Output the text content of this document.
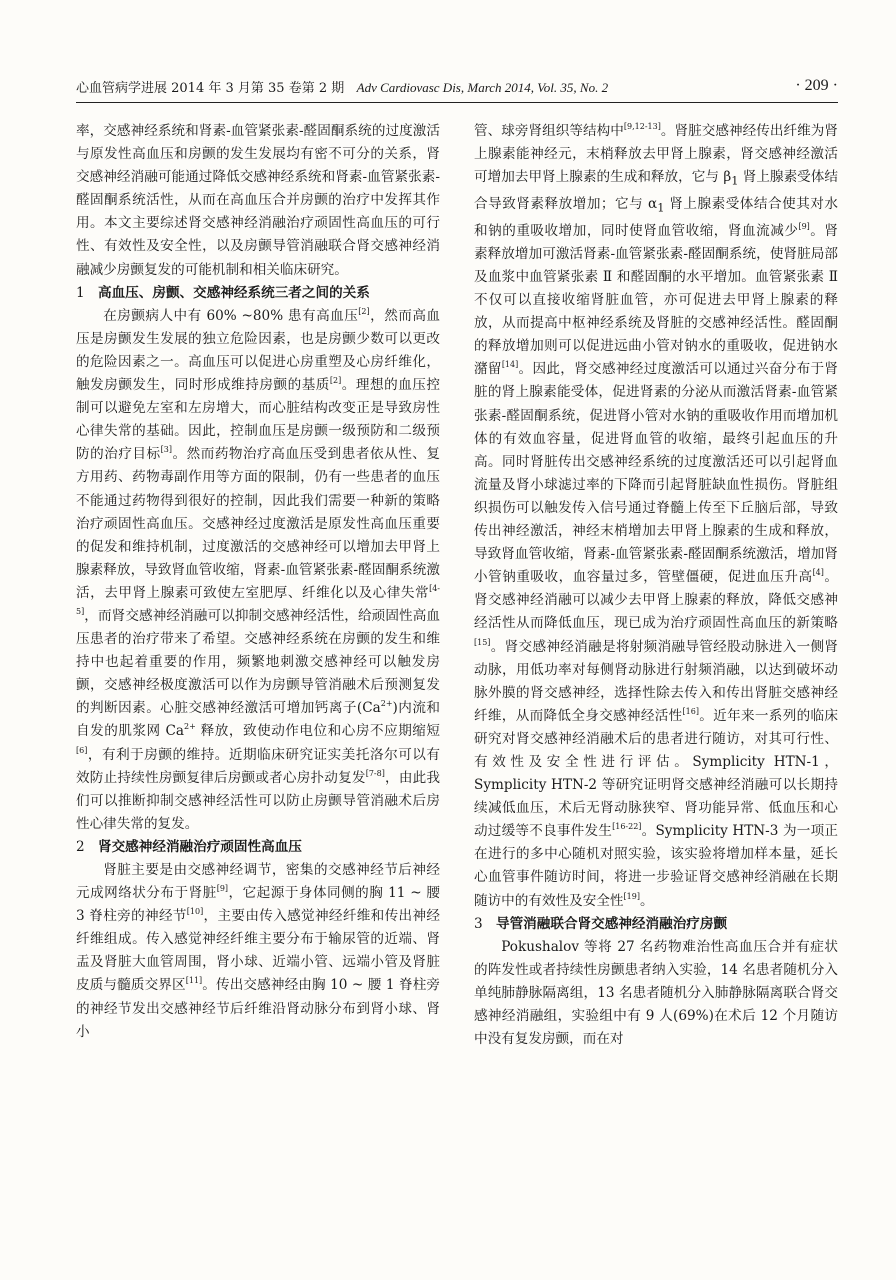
心血管病学进展 2014 年 3 月第 35 卷第 2 期 Adv Cardiovasc Dis, March 2014, Vol. 35, No. 2	· 209 ·

率，交感神经系统和肾素-血管紧张素-醛固酮系统的过度激活与原发性高血压和房颤的发生发展均有密不可分的关系，肾交感神经消融可能通过降低交感神经系统和肾素-血管紧张素-醛固酮系统活性，从而在高血压合并房颤的治疗中发挥其作用。本文主要综述肾交感神经消融治疗顽固性高血压的可行性、有效性及安全性，以及房颤导管消融联合肾交感神经消融减少房颤复发的可能机制和相关临床研究。

1 高血压、房颤、交感神经系统三者之间的关系

在房颤病人中有 60% ~80% 患有高血压[2]，然而高血压是房颤发生发展的独立危险因素，也是房颤少数可以更改的危险因素之一。高血压可以促进心房重塑及心房纤维化，触发房颤发生，同时形成维持房颤的基质[2]。理想的血压控制可以避免左室和左房增大，而心脏结构改变正是导致房性心律失常的基础。因此，控制血压是房颤一级预防和二级预防的治疗目标[3]。然而药物治疗高血压受到患者依从性、复方用药、药物毒副作用等方面的限制，仍有一些患者的血压不能通过药物得到很好的控制，因此我们需要一种新的策略治疗顽固性高血压。交感神经过度激活是原发性高血压重要的促发和维持机制，过度激活的交感神经可以增加去甲肾上腺素释放，导致肾血管收缩，肾素-血管紧张素-醛固酮系统激活，去甲肾上腺素可致使左室肥厚、纤维化以及心律失常[4-5]，而肾交感神经消融可以抑制交感神经活性，给顽固性高血压患者的治疗带来了希望。交感神经系统在房颤的发生和维持中也起着重要的作用，频繁地刺激交感神经可以触发房颤，交感神经极度激活可以作为房颤导管消融术后预测复发的判断因素。心脏交感神经激活可增加钙离子$(Ca^{2+})$内流和自发的肌浆网 $Ca^{2+}$ 释放，致使动作电位和心房不应期缩短[6]，有利于房颤的维持。近期临床研究证实美托洛尔可以有效防止持续性房颤复律后房颤或者心房扑动复发[7-8]，由此我们可以推断抑制交感神经活性可以防止房颤导管消融术后房性心律失常的复发。

2 肾交感神经消融治疗顽固性高血压

肾脏主要是由交感神经调节，密集的交感神经节后神经元成网络状分布于肾脏[9]，它起源于身体同侧的胸 11 ~ 腰 3 脊柱旁的神经节[10]，主要由传入感觉神经纤维和传出神经纤维组成。传入感觉神经纤维主要分布于输尿管的近端、肾盂及肾脏大血管周围，肾小球、近端小管、远端小管及肾脏皮质与髓质交界区[11]。传出交感神经由胸 10 ~ 腰 1 脊柱旁的神经节发出交感神经节后纤维沿肾动脉分布到肾小球、肾小

管、球旁肾组织等结构中[9,12-13]。肾脏交感神经传出纤维为肾上腺素能神经元，末梢释放去甲肾上腺素，肾交感神经激活可增加去甲肾上腺素的生成和释放，它与 $\beta_1$ 肾上腺素受体结合导致肾素释放增加；它与 $\alpha_1$ 肾上腺素受体结合使其对水和钠的重吸收增加，同时使肾血管收缩，肾血流减少[9]。肾素释放增加可激活肾素-血管紧张素-醛固酮系统，使肾脏局部及血浆中血管紧张素 Ⅱ 和醛固酮的水平增加。血管紧张素 Ⅱ 不仅可以直接收缩肾脏血管，亦可促进去甲肾上腺素的释放，从而提高中枢神经系统及肾脏的交感神经活性。醛固酮的释放增加则可以促进远曲小管对钠水的重吸收，促进钠水潴留[14]。因此，肾交感神经过度激活可以通过兴奋分布于肾脏的肾上腺素能受体，促进肾素的分泌从而激活肾素-血管紧张素-醛固酮系统，促进肾小管对水钠的重吸收作用而增加机体的有效血容量，促进肾血管的收缩，最终引起血压的升高。同时肾脏传出交感神经系统的过度激活还可以引起肾血流量及肾小球滤过率的下降而引起肾脏缺血性损伤。肾脏组织损伤可以触发传入信号通过脊髓上传至下丘脑后部，导致传出神经激活，神经末梢增加去甲肾上腺素的生成和释放，导致肾血管收缩，肾素-血管紧张素-醛固酮系统激活，增加肾小管钠重吸收，血容量过多，管壁僵硬，促进血压升高[4]。肾交感神经消融可以减少去甲肾上腺素的释放，降低交感神经活性从而降低血压，现已成为治疗顽固性高血压的新策略[15]。肾交感神经消融是将射频消融导管经股动脉进入一侧肾动脉，用低功率对每侧肾动脉进行射频消融，以达到破坏动脉外膜的肾交感神经，选择性除去传入和传出肾脏交感神经纤维，从而降低全身交感神经活性[16]。近年来一系列的临床研究对肾交感神经消融术后的患者进行随访，对其可行性、有效性及安全性进行评估。Symplicity HTN-1，Symplicity HTN-2 等研究证明肾交感神经消融可以长期持续减低血压，术后无肾动脉狭窄、肾功能异常、低血压和心动过缓等不良事件发生[16-22]。Symplicity HTN-3 为一项正在进行的多中心随机对照实验，该实验将增加样本量，延长心血管事件随访时间，将进一步验证肾交感神经消融在长期随访中的有效性及安全性[19]。

3 导管消融联合肾交感神经消融治疗房颤

Pokushalov 等将 27 名药物难治性高血压合并有症状的阵发性或者持续性房颤患者纳入实验，14 名患者随机分入单纯肺静脉隔离组，13 名患者随机分入肺静脉隔离联合肾交感神经消融组，实验组中有 9 人(69%)在术后 12 个月随访中没有复发房颤，而在对
